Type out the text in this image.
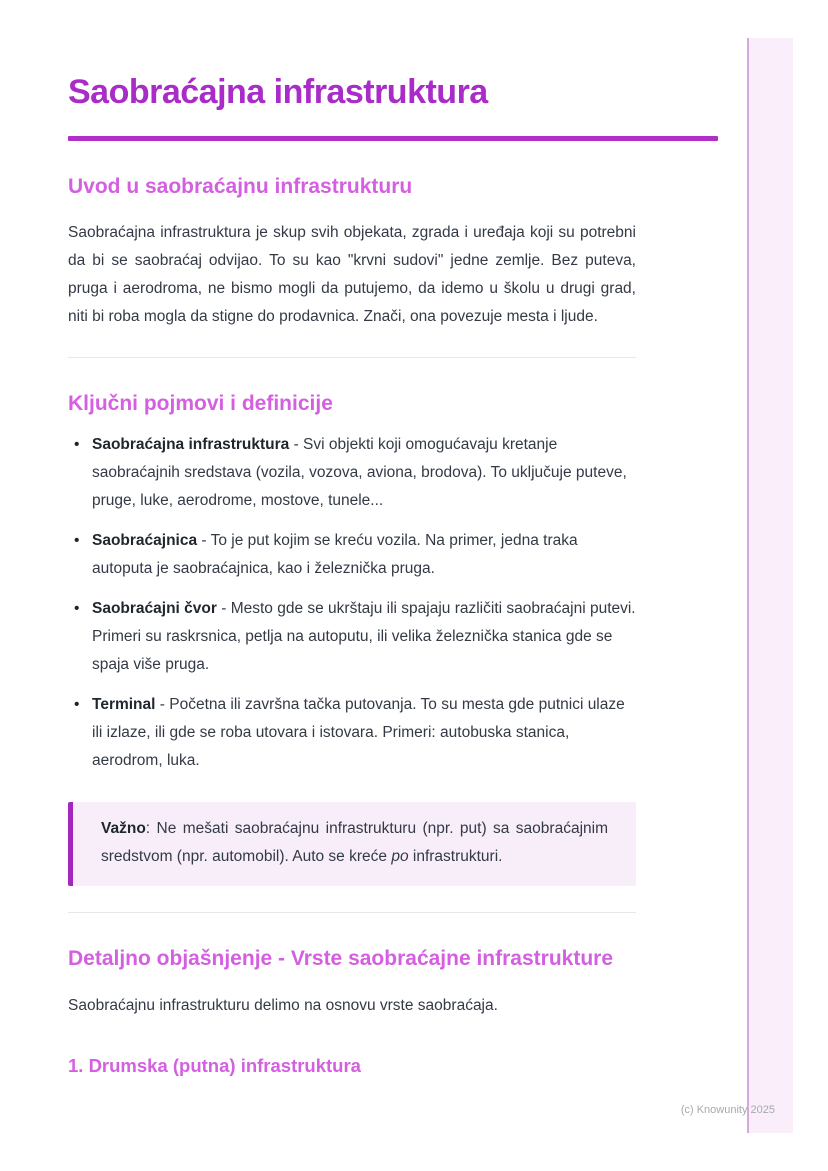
Saobraćajna infrastruktura
Uvod u saobraćajnu infrastrukturu

Saobraćajna infrastruktura je skup svih objekata, zgrada i uređaja koji su potrebni da bi se saobraćaj odvijao. To su kao "krvni sudovi" jedne zemlje. Bez puteva, pruga i aerodroma, ne bismo mogli da putujemo, da idemo u školu u drugi grad, niti bi roba mogla da stigne do prodavnica. Znači, ona povezuje mesta i ljude.

Ključni pojmovi i definicije
• Saobraćajna infrastruktura - Svi objekti koji omogućavaju kretanje saobraćajnih sredstava (vozila, vozova, aviona, brodova). To uključuje puteve, pruge, luke, aerodrome, mostove, tunele...
• Saobraćajnica - To je put kojim se kreću vozila. Na primer, jedna traka autoputa je saobraćajnica, kao i železnička pruga.
• Saobraćajni čvor - Mesto gde se ukrštaju ili spajaju različiti saobraćajni putevi. Primeri su raskrsnica, petlja na autoputu, ili velika železnička stanica gde se spaja više pruga.
• Terminal - Početna ili završna tačka putovanja. To su mesta gde putnici ulaze ili izlaze, ili gde se roba utovara i istovara. Primeri: autobuska stanica, aerodrom, luka.

Važno: Ne mešati saobraćajnu infrastrukturu (npr. put) sa saobraćajnim sredstvom (npr. automobil). Auto se kreće po infrastrukturi.

Detaljno objašnjenje - Vrste saobraćajne infrastrukture

Saobraćajnu infrastrukturu delimo na osnovu vrste saobraćaja.

1. Drumska (putna) infrastruktura
(c) Knowunity 2025
